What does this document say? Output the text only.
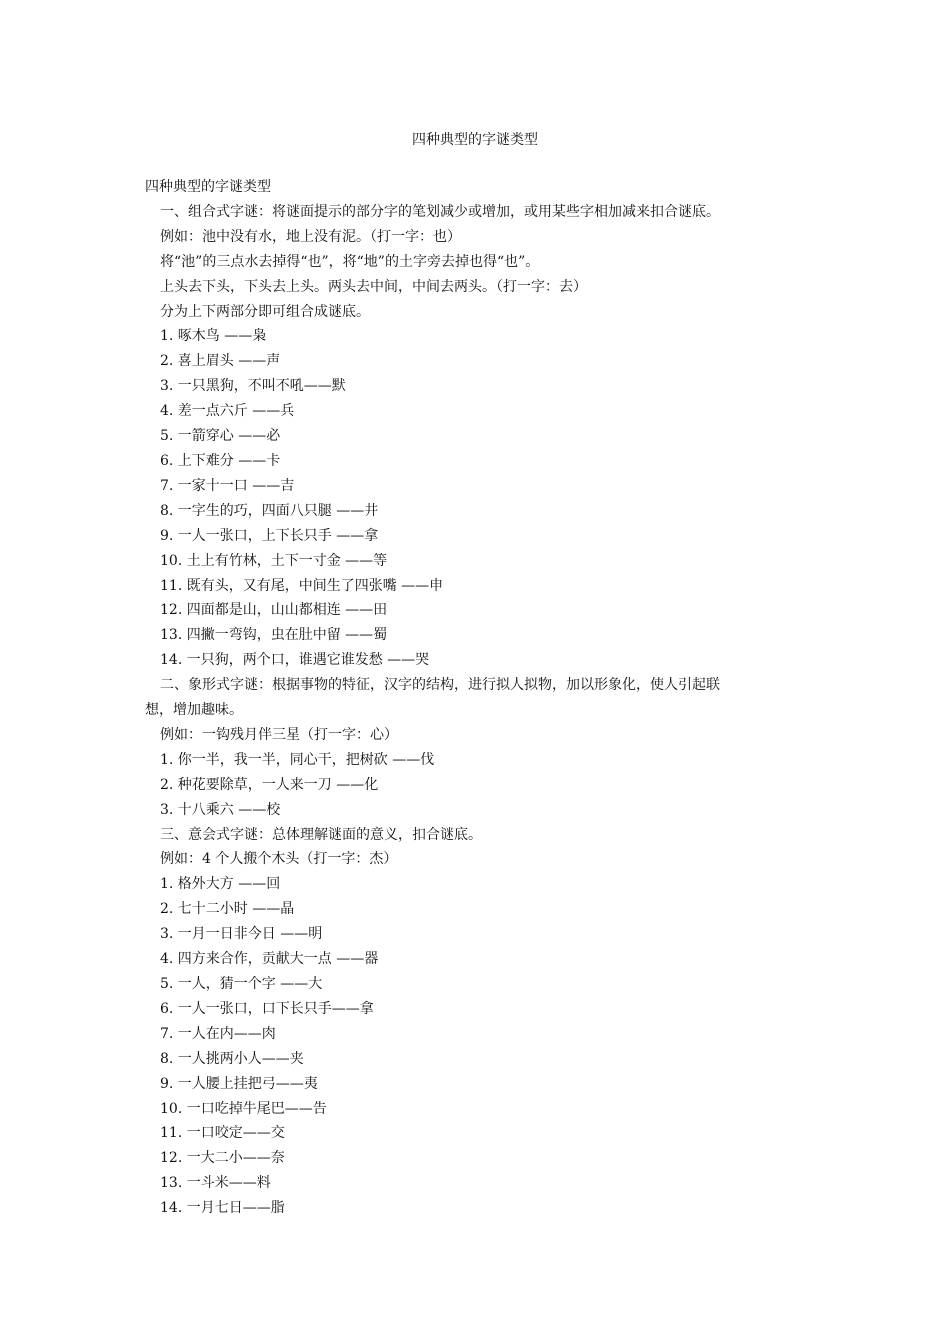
四种典型的字谜类型
四种典型的字谜类型
一、组合式字谜：将谜面提示的部分字的笔划减少或增加，或用某些字相加减来扣合谜底。
例如：池中没有水，地上没有泥。（打一字：也）
将“池”的三点水去掉得“也”，将“地”的土字旁去掉也得“也”。
上头去下头，下头去上头。两头去中间，中间去两头。（打一字：去）
分为上下两部分即可组合成谜底。
1. 啄木鸟 ——枭
2. 喜上眉头 ——声
3. 一只黑狗，不叫不吼——默
4. 差一点六斤 ——兵
5. 一箭穿心 ——必
6. 上下难分 ——卡
7. 一家十一口 ——吉
8. 一字生的巧，四面八只腿 ——井
9. 一人一张口，上下长只手 ——拿
10. 土上有竹林，土下一寸金 ——等
11. 既有头，又有尾，中间生了四张嘴 ——申
12. 四面都是山，山山都相连 ——田
13. 四撇一弯钩，虫在肚中留 ——蜀
14. 一只狗，两个口，谁遇它谁发愁 ——哭
二、象形式字谜：根据事物的特征，汉字的结构，进行拟人拟物，加以形象化，使人引起联
想，增加趣味。
例如：一钩残月伴三星（打一字：心）
1. 你一半，我一半，同心干，把树砍 ——伐
2. 种花要除草，一人来一刀 ——化
3. 十八乘六 ——校
三、意会式字谜：总体理解谜面的意义，扣合谜底。
例如：4 个人搬个木头（打一字：杰）
1. 格外大方 ——回
2. 七十二小时 ——晶
3. 一月一日非今日 ——明
4. 四方来合作，贡献大一点 ——器
5. 一人，猜一个字 ——大
6. 一人一张口，口下长只手——拿
7. 一人在内——肉
8. 一人挑两小人——夹
9. 一人腰上挂把弓——夷
10. 一口吃掉牛尾巴——告
11. 一口咬定——交
12. 一大二小——奈
13. 一斗米——料
14. 一月七日——脂
